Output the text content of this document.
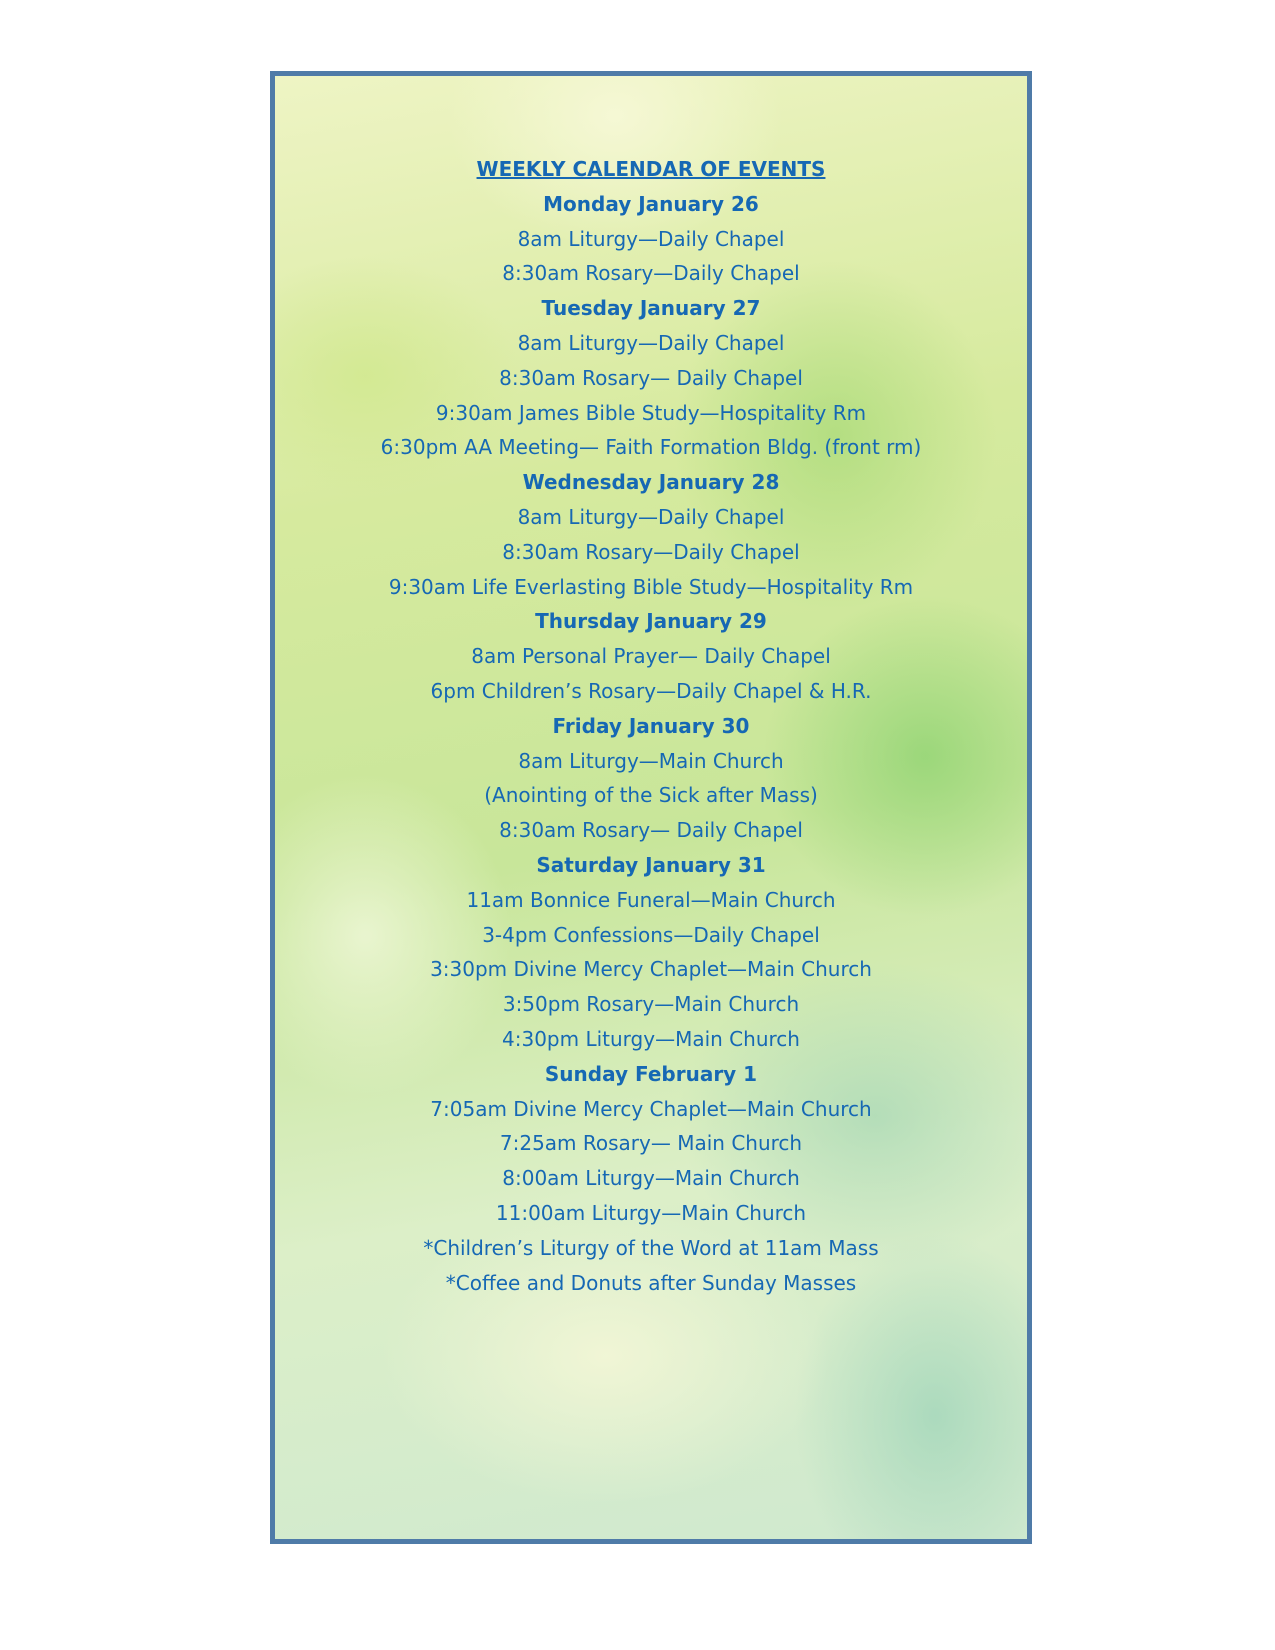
WEEKLY CALENDAR OF EVENTS
Monday January 26
8am Liturgy—Daily Chapel
8:30am Rosary—Daily Chapel
Tuesday January 27
8am Liturgy—Daily Chapel
8:30am Rosary— Daily Chapel
9:30am James Bible Study—Hospitality Rm
6:30pm AA Meeting— Faith Formation Bldg. (front rm)
Wednesday January 28
8am Liturgy—Daily Chapel
8:30am Rosary—Daily Chapel
9:30am Life Everlasting Bible Study—Hospitality Rm
Thursday January 29
8am Personal Prayer— Daily Chapel
6pm Children’s Rosary—Daily Chapel & H.R.
Friday January 30
8am Liturgy—Main Church
(Anointing of the Sick after Mass)
8:30am Rosary— Daily Chapel
Saturday January 31
11am Bonnice Funeral—Main Church
3-4pm Confessions—Daily Chapel
3:30pm Divine Mercy Chaplet—Main Church
3:50pm Rosary—Main Church
4:30pm Liturgy—Main Church
Sunday February 1
7:05am Divine Mercy Chaplet—Main Church
7:25am Rosary— Main Church
8:00am Liturgy—Main Church
11:00am Liturgy—Main Church
*Children’s Liturgy of the Word at 11am Mass
*Coffee and Donuts after Sunday Masses
